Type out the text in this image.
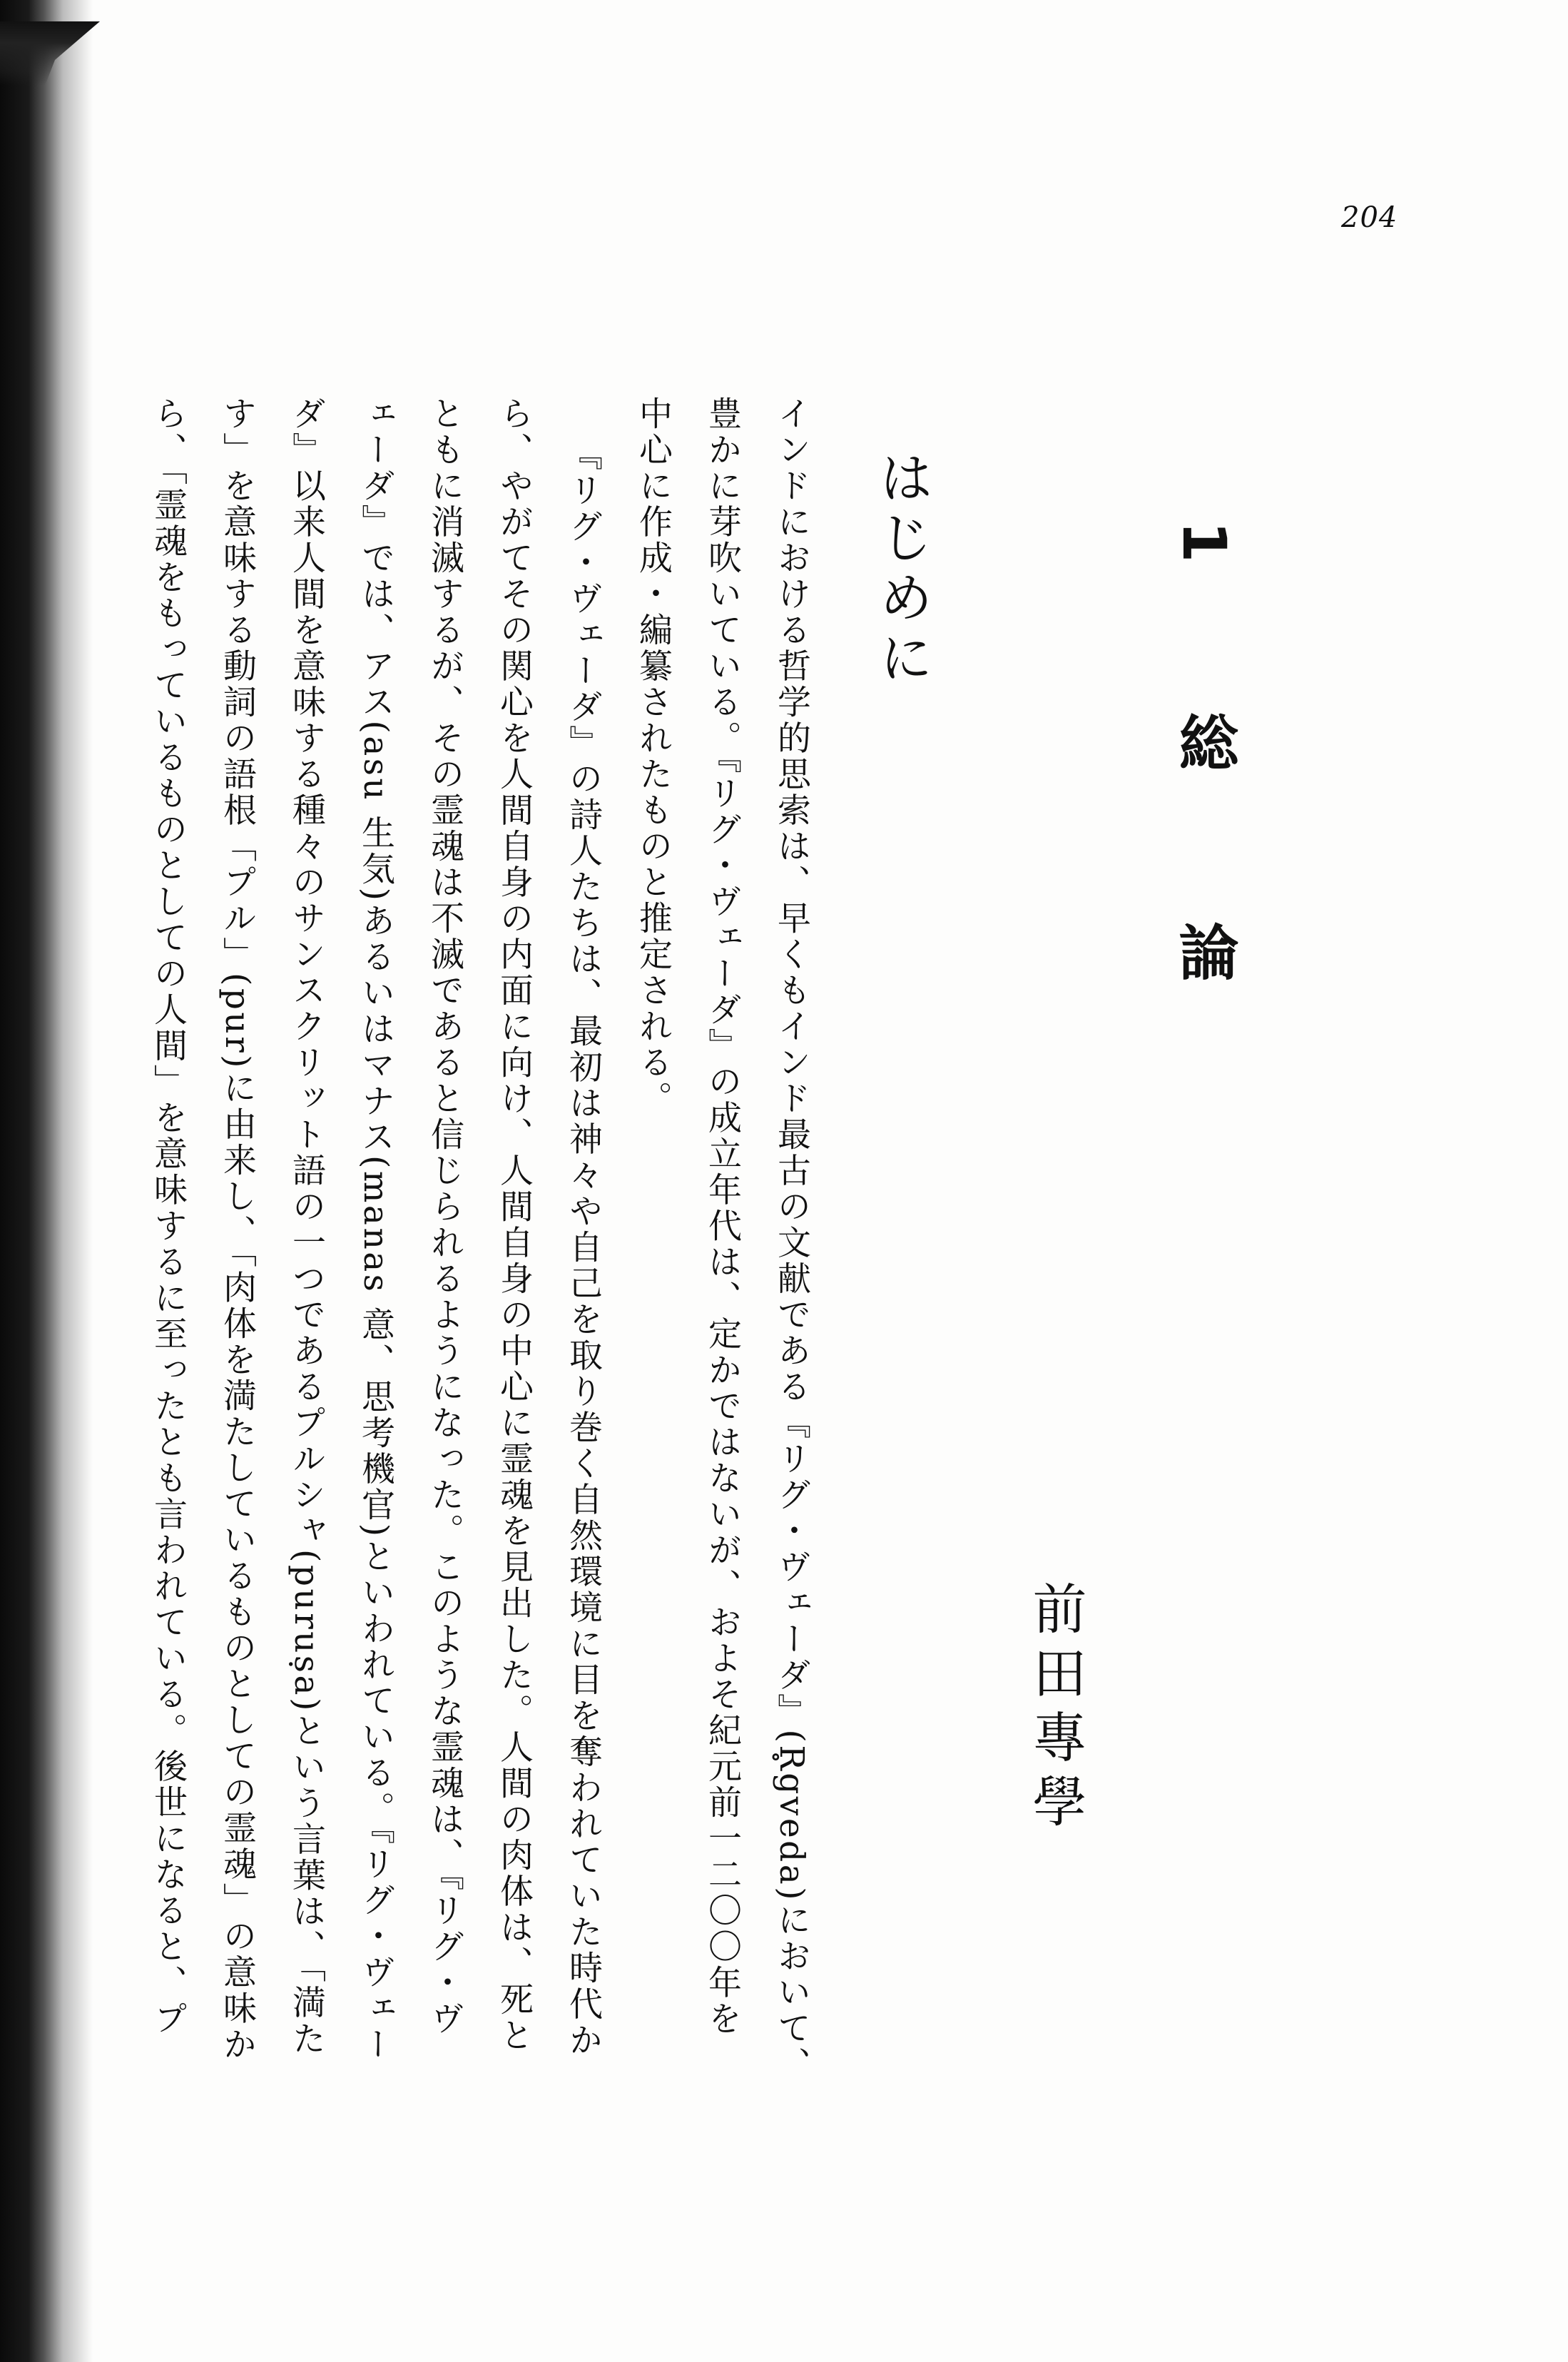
204
1 総 論
前田專學
はじめに
インドにおける哲学的思索は、早くもインド最古の文献である『リグ・ヴェーダ』(R̥gveda)において、
豊かに芽吹いている。『リグ・ヴェーダ』の成立年代は、定かではないが、およそ紀元前一二〇〇年を
中心に作成・編纂されたものと推定される。
『リグ・ヴェーダ』の詩人たちは、最初は神々や自己を取り巻く自然環境に目を奪われていた時代か
ら、やがてその関心を人間自身の内面に向け、人間自身の中心に霊魂を見出した。人間の肉体は、死と
ともに消滅するが、その霊魂は不滅であると信じられるようになった。このような霊魂は、『リグ・ヴ
ェーダ』では、アス(asu 生気)あるいはマナス(manas 意、思考機官)といわれている。『リグ・ヴェー
ダ』以来人間を意味する種々のサンスクリット語の一つであるプルシャ(puruṣa)という言葉は、「満た
す」を意味する動詞の語根「プル」(pur)に由来し、「肉体を満たしているものとしての霊魂」の意味か
ら、「霊魂をもっているものとしての人間」を意味するに至ったとも言われている。後世になると、プ
